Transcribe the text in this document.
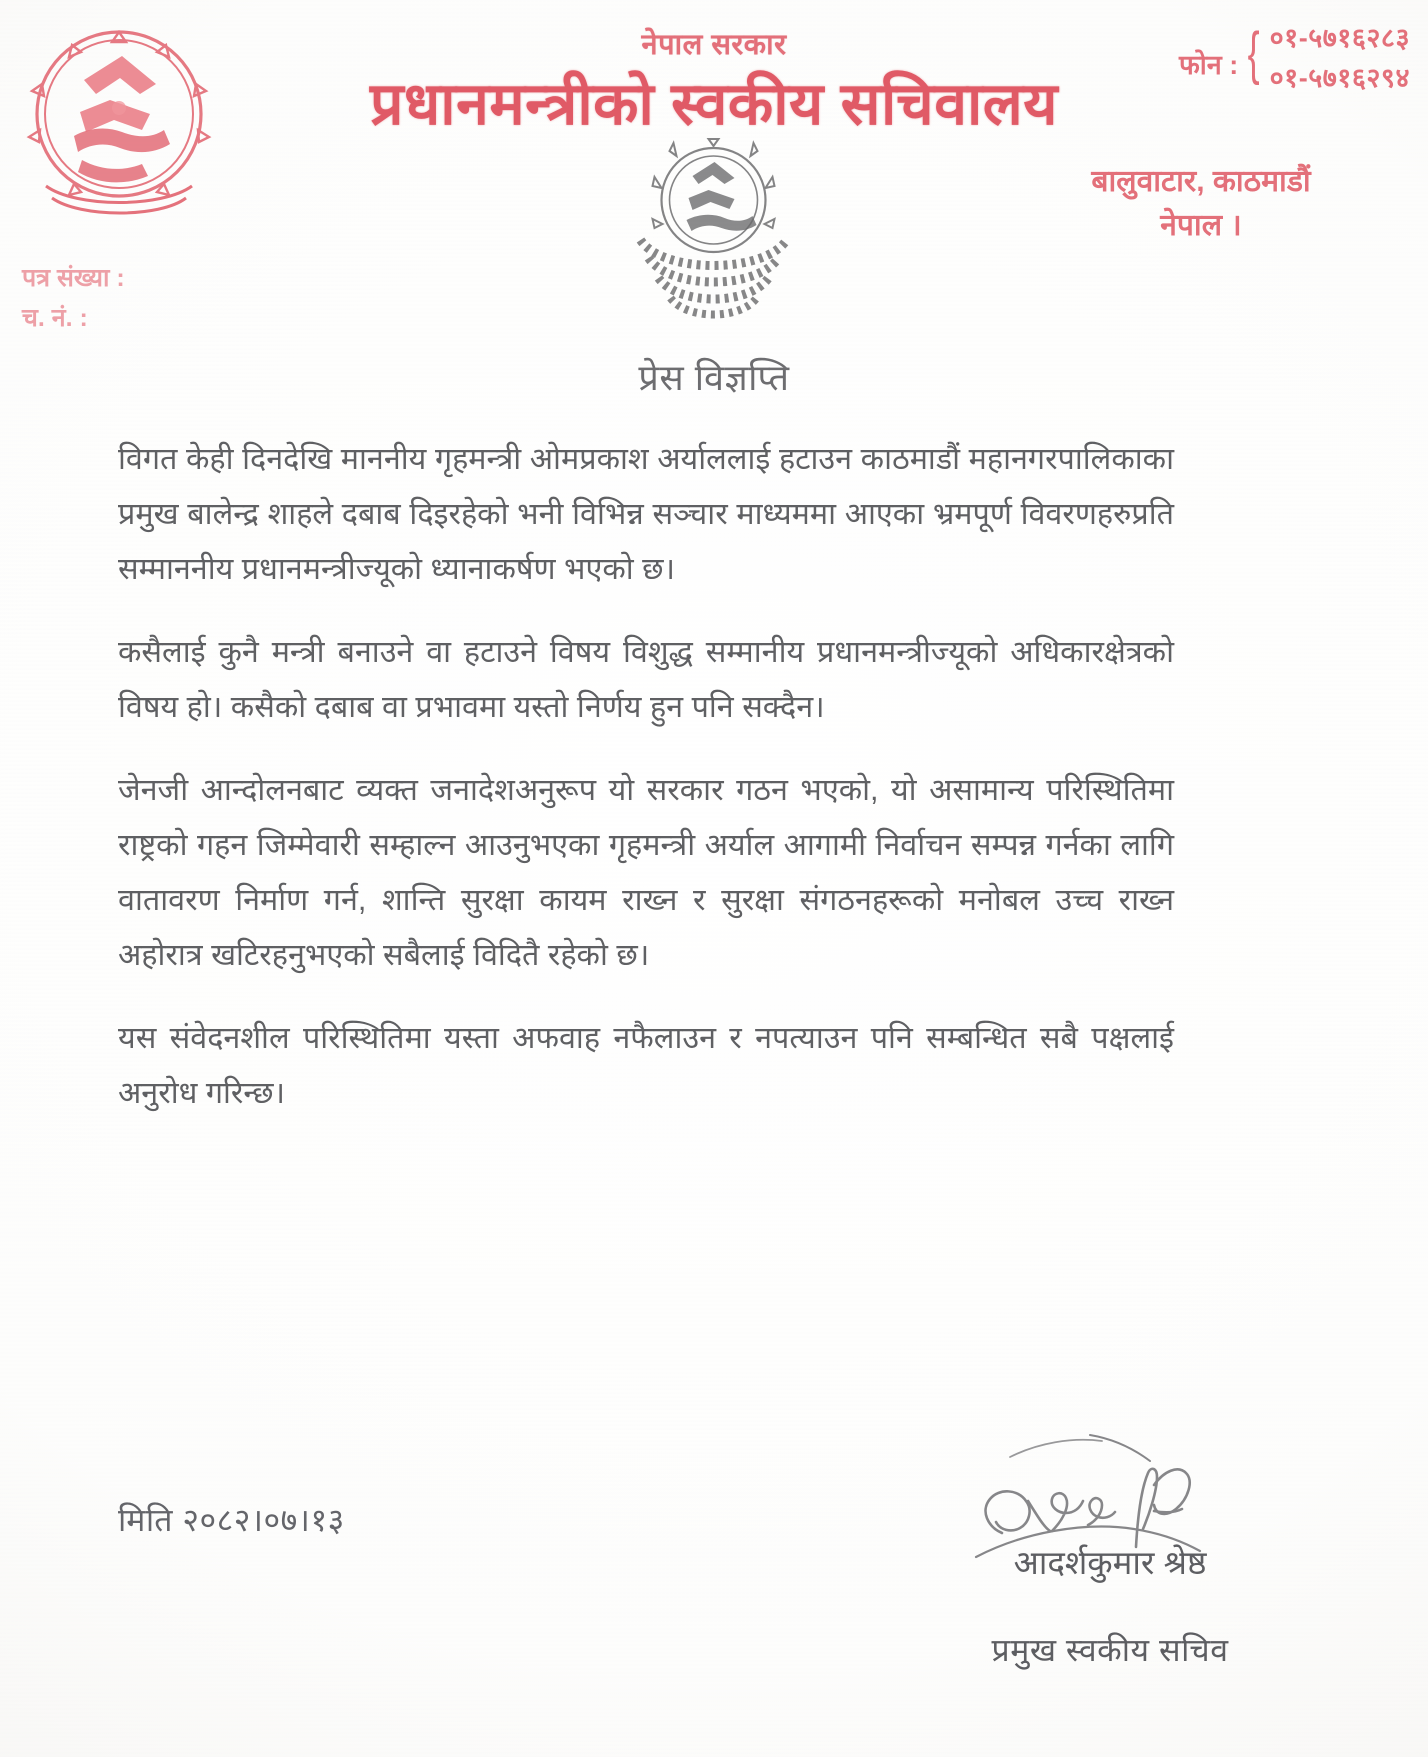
नेपाल सरकार
प्रधानमन्त्रीको स्वकीय सचिवालय
फोन : { ०१-५७१६२८३
०१-५७१६२९४
बालुवाटार, काठमाडौं
नेपाल ।
पत्र संख्या :
च. नं. :
प्रेस विज्ञप्ति

विगत केही दिनदेखि माननीय गृहमन्त्री ओमप्रकाश अर्याललाई हटाउन काठमाडौं महानगरपालिकाका प्रमुख बालेन्द्र शाहले दबाब दिइरहेको भनी विभिन्न सञ्चार माध्यममा आएका भ्रमपूर्ण विवरणहरुप्रति सम्माननीय प्रधानमन्त्रीज्यूको ध्यानाकर्षण भएको छ।

कसैलाई कुनै मन्त्री बनाउने वा हटाउने विषय विशुद्ध सम्मानीय प्रधानमन्त्रीज्यूको अधिकारक्षेत्रको विषय हो। कसैको दबाब वा प्रभावमा यस्तो निर्णय हुन पनि सक्दैन।

जेनजी आन्दोलनबाट व्यक्त जनादेशअनुरूप यो सरकार गठन भएको, यो असामान्य परिस्थितिमा राष्ट्रको गहन जिम्मेवारी सम्हाल्न आउनुभएका गृहमन्त्री अर्याल आगामी निर्वाचन सम्पन्न गर्नका लागि वातावरण निर्माण गर्न, शान्ति सुरक्षा कायम राख्न र सुरक्षा संगठनहरूको मनोबल उच्च राख्न अहोरात्र खटिरहनुभएको सबैलाई विदितै रहेको छ।

यस संवेदनशील परिस्थितिमा यस्ता अफवाह नफैलाउन र नपत्याउन पनि सम्बन्धित सबै पक्षलाई अनुरोध गरिन्छ।

मिति २०८२।०७।१३
आदर्शकुमार श्रेष्ठ
प्रमुख स्वकीय सचिव
